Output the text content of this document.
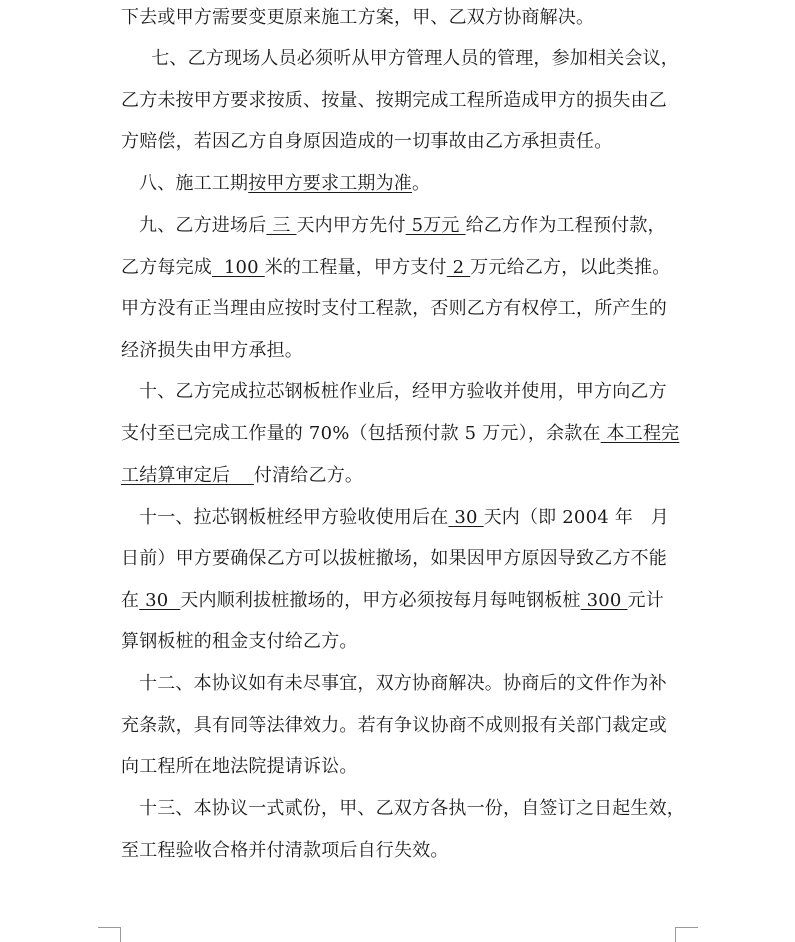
下去或甲方需要变更原来施工方案，甲、乙双方协商解决。
　七、乙方现场人员必须听从甲方管理人员的管理，参加相关会议，
乙方未按甲方要求按质、按量、按期完成工程所造成甲方的损失由乙
方赔偿，若因乙方自身原因造成的一切事故由乙方承担责任。
八、施工工期按甲方要求工期为准。
九、乙方进场后 三 天内甲方先付 5万元 给乙方作为工程预付款，
乙方每完成  100 米的工程量，甲方支付 2 万元给乙方，以此类推。
甲方没有正当理由应按时支付工程款，否则乙方有权停工，所产生的
经济损失由甲方承担。
十、乙方完成拉芯钢板桩作业后，经甲方验收并使用，甲方向乙方
支付至已完成工作量的 70%（包括预付款 5 万元），余款在 本工程完
工结算审定后    付清给乙方。
十一、拉芯钢板桩经甲方验收使用后在 30 天内（即 2004 年   月
日前）甲方要确保乙方可以拔桩撤场，如果因甲方原因导致乙方不能
在 30  天内顺利拔桩撤场的，甲方必须按每月每吨钢板桩 300 元计
算钢板桩的租金支付给乙方。
十二、本协议如有未尽事宜，双方协商解决。协商后的文件作为补
充条款，具有同等法律效力。若有争议协商不成则报有关部门裁定或
向工程所在地法院提请诉讼。
十三、本协议一式贰份，甲、乙双方各执一份，自签订之日起生效，
至工程验收合格并付清款项后自行失效。
